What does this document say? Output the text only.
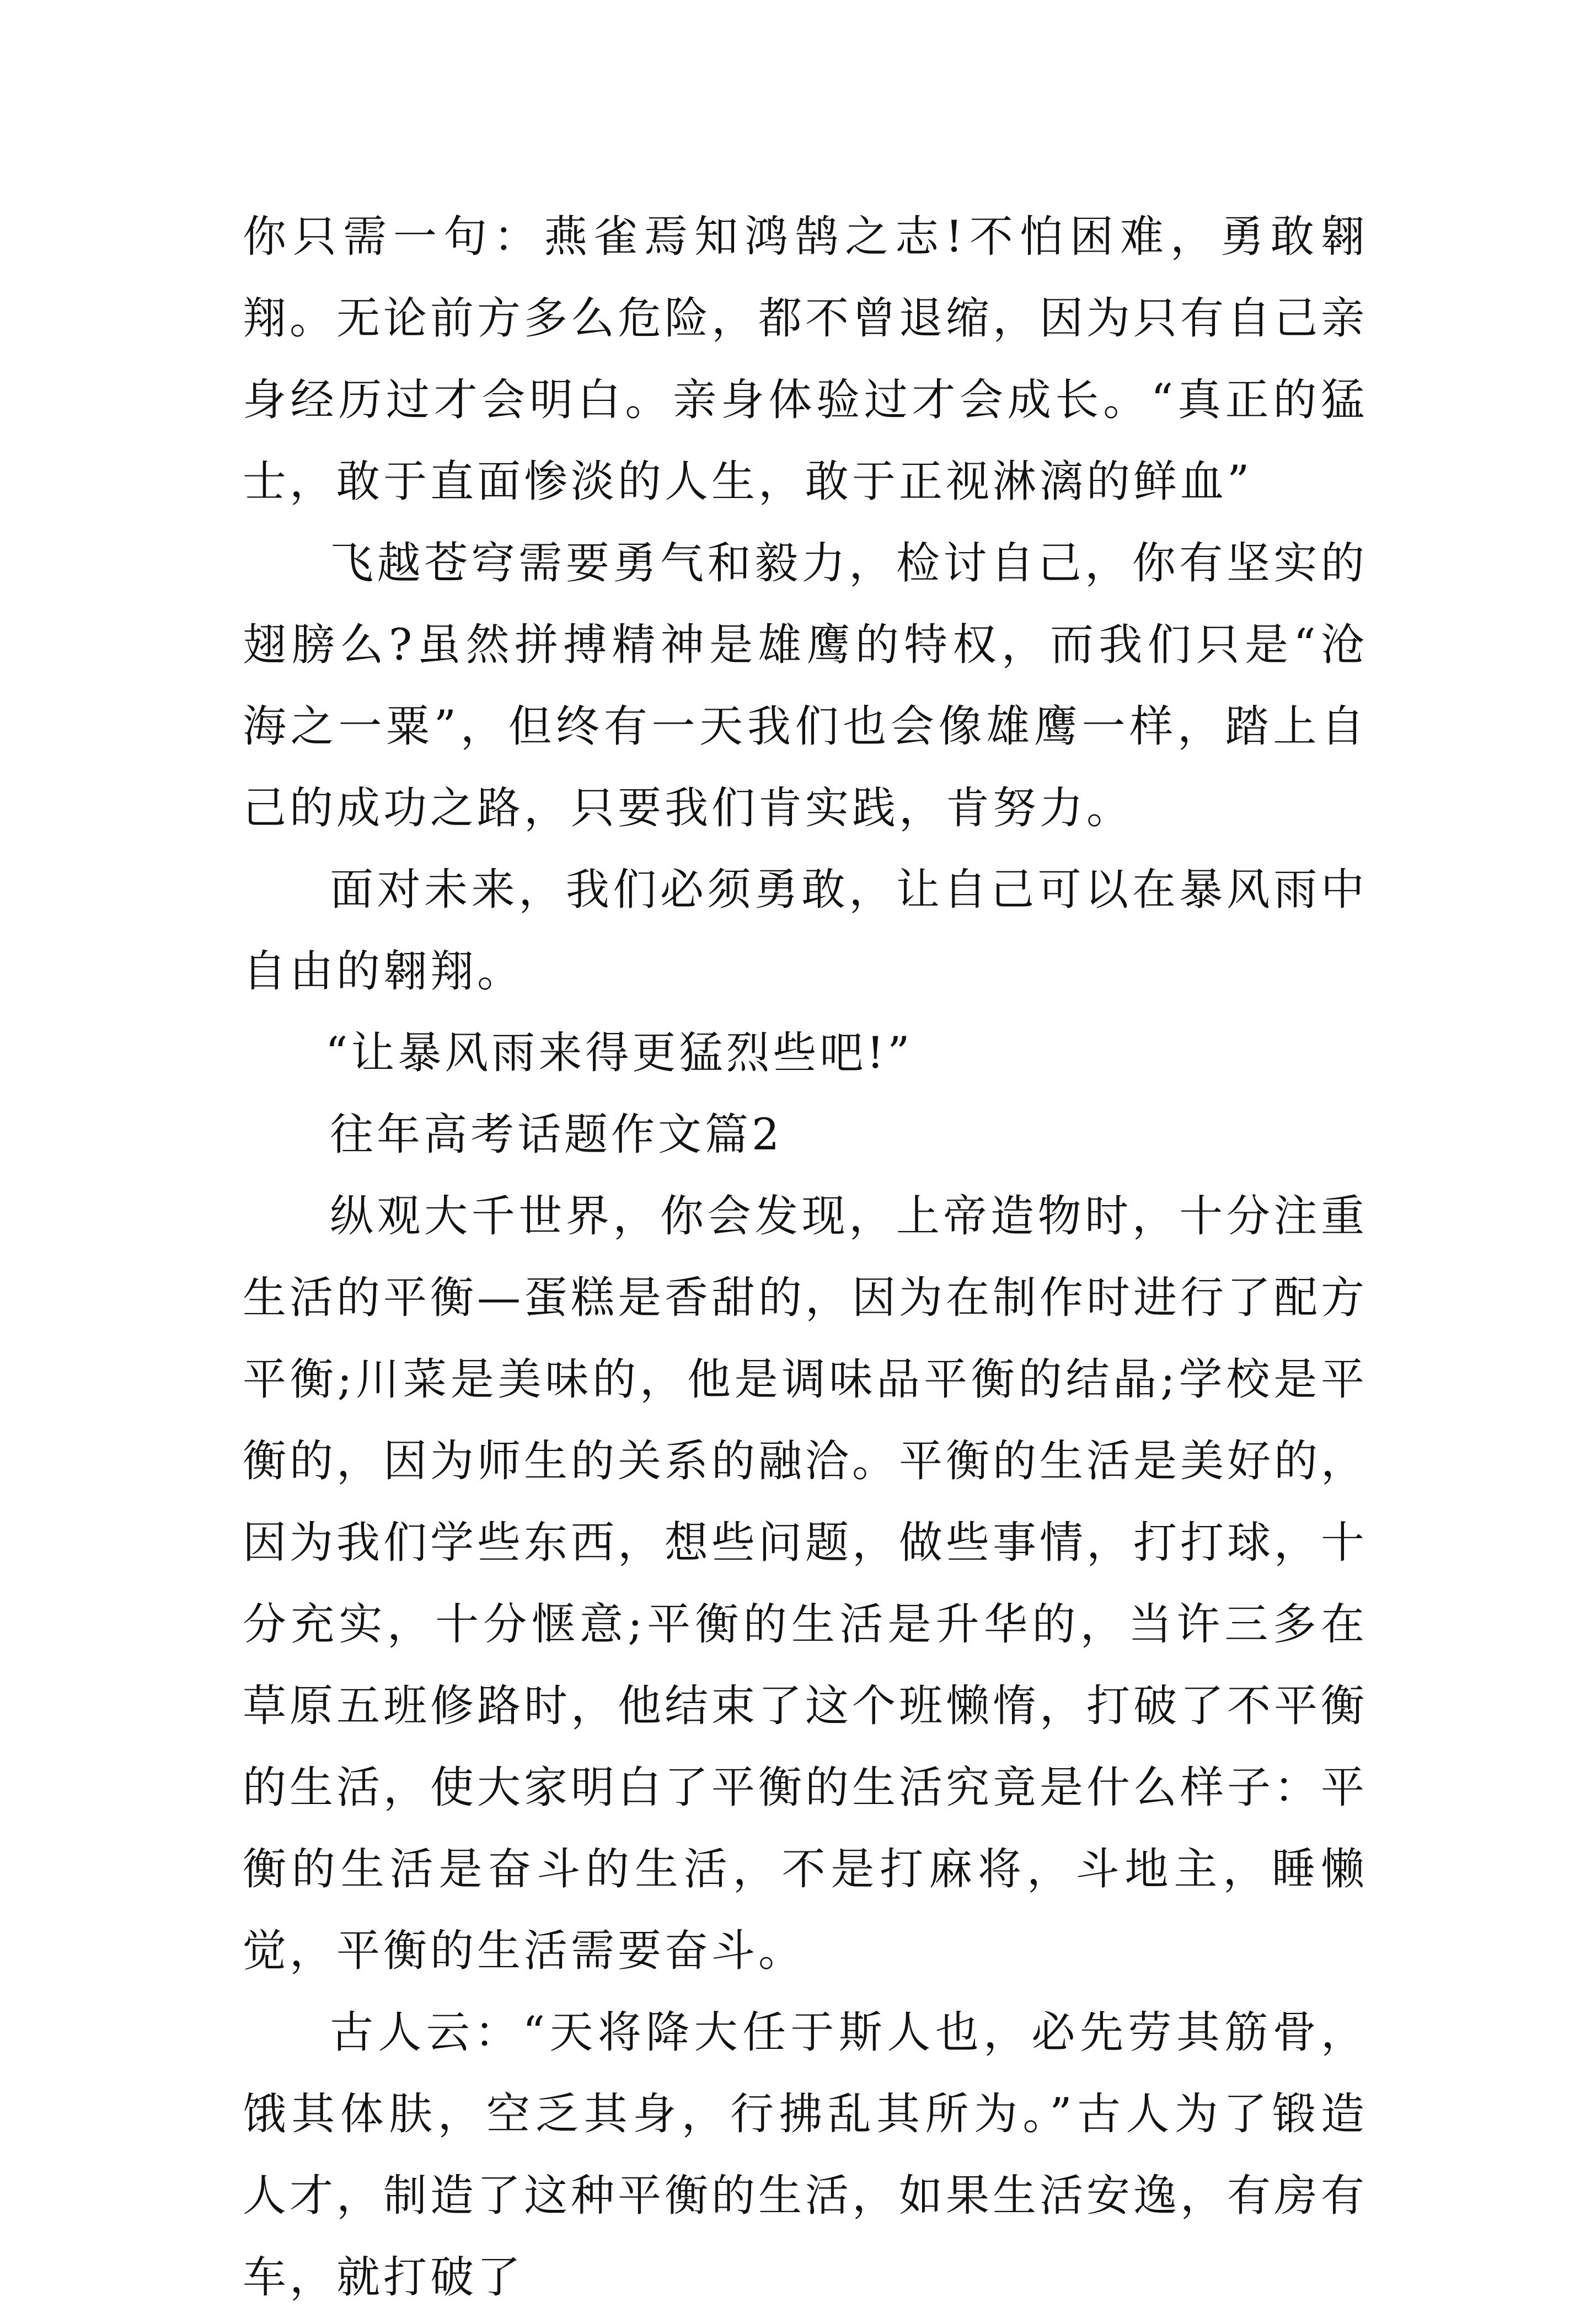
你只需一句：燕雀焉知鸿鹄之志!不怕困难，勇敢翱翔。无论前方多么危险，都不曾退缩，因为只有自己亲身经历过才会明白。亲身体验过才会成长。“真正的猛士，敢于直面惨淡的人生，敢于正视淋漓的鲜血”

飞越苍穹需要勇气和毅力，检讨自己，你有坚实的翅膀么?虽然拼搏精神是雄鹰的特权，而我们只是“沧海之一粟”，但终有一天我们也会像雄鹰一样，踏上自己的成功之路，只要我们肯实践，肯努力。

面对未来，我们必须勇敢，让自己可以在暴风雨中自由的翱翔。

“让暴风雨来得更猛烈些吧!”

往年高考话题作文篇2

纵观大千世界，你会发现，上帝造物时，十分注重生活的平衡—蛋糕是香甜的，因为在制作时进行了配方平衡;川菜是美味的，他是调味品平衡的结晶;学校是平衡的，因为师生的关系的融洽。平衡的生活是美好的，因为我们学些东西，想些问题，做些事情，打打球，十分充实，十分惬意;平衡的生活是升华的，当许三多在草原五班修路时，他结束了这个班懒惰，打破了不平衡的生活，使大家明白了平衡的生活究竟是什么样子：平衡的生活是奋斗的生活，不是打麻将，斗地主，睡懒觉，平衡的生活需要奋斗。

古人云：“天将降大任于斯人也，必先劳其筋骨，饿其体肤，空乏其身，行拂乱其所为。”古人为了锻造人才，制造了这种平衡的生活，如果生活安逸，有房有车，就打破了
